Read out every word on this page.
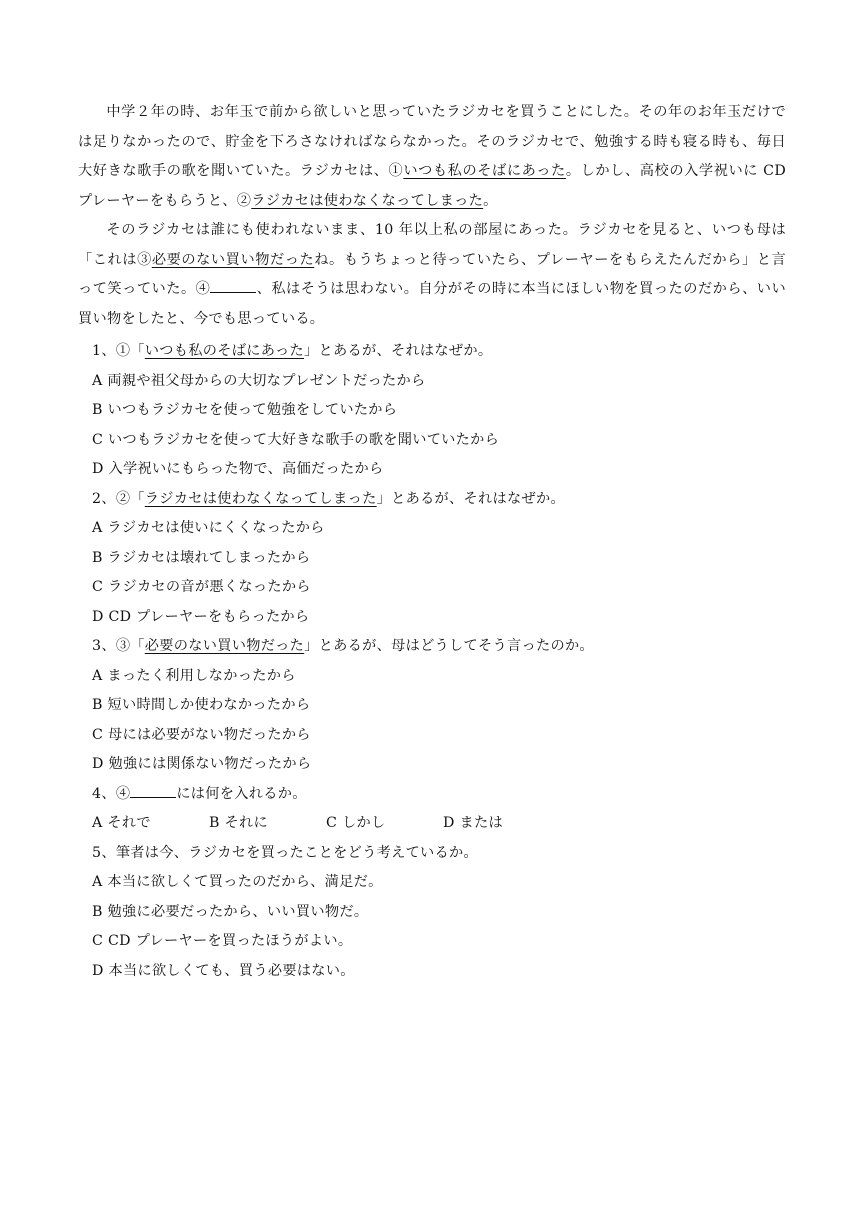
中学２年の時、お年玉で前から欲しいと思っていたラジカセを買うことにした。その年のお年玉だけでは足りなかったので、貯金を下ろさなければならなかった。そのラジカセで、勉強する時も寝る時も、毎日大好きな歌手の歌を聞いていた。ラジカセは、①いつも私のそばにあった。しかし、高校の入学祝いに CD プレーヤーをもらうと、②ラジカセは使わなくなってしまった。

そのラジカセは誰にも使われないまま、10 年以上私の部屋にあった。ラジカセを見ると、いつも母は「これは③必要のない買い物だったね。もうちょっと待っていたら、プレーヤーをもらえたんだから」と言って笑っていた。④	、私はそうは思わない。自分がその時に本当にほしい物を買ったのだから、いい買い物をしたと、今でも思っている。

1、①「いつも私のそばにあった」とあるが、それはなぜか。
A 両親や祖父母からの大切なプレゼントだったから
B いつもラジカセを使って勉強をしていたから
C いつもラジカセを使って大好きな歌手の歌を聞いていたから
D 入学祝いにもらった物で、高価だったから
2、②「ラジカセは使わなくなってしまった」とあるが、それはなぜか。
A ラジカセは使いにくくなったから
B ラジカセは壊れてしまったから
C ラジカセの音が悪くなったから
D CD プレーヤーをもらったから
3、③「必要のない買い物だった」とあるが、母はどうしてそう言ったのか。
A まったく利用しなかったから
B 短い時間しか使わなかったから
C 母には必要がない物だったから
D 勉強には関係ない物だったから
4、④	には何を入れるか。
A それで	B それに	C しかし	D または
5、筆者は今、ラジカセを買ったことをどう考えているか。
A 本当に欲しくて買ったのだから、満足だ。
B 勉強に必要だったから、いい買い物だ。
C CD プレーヤーを買ったほうがよい。
D 本当に欲しくても、買う必要はない。
